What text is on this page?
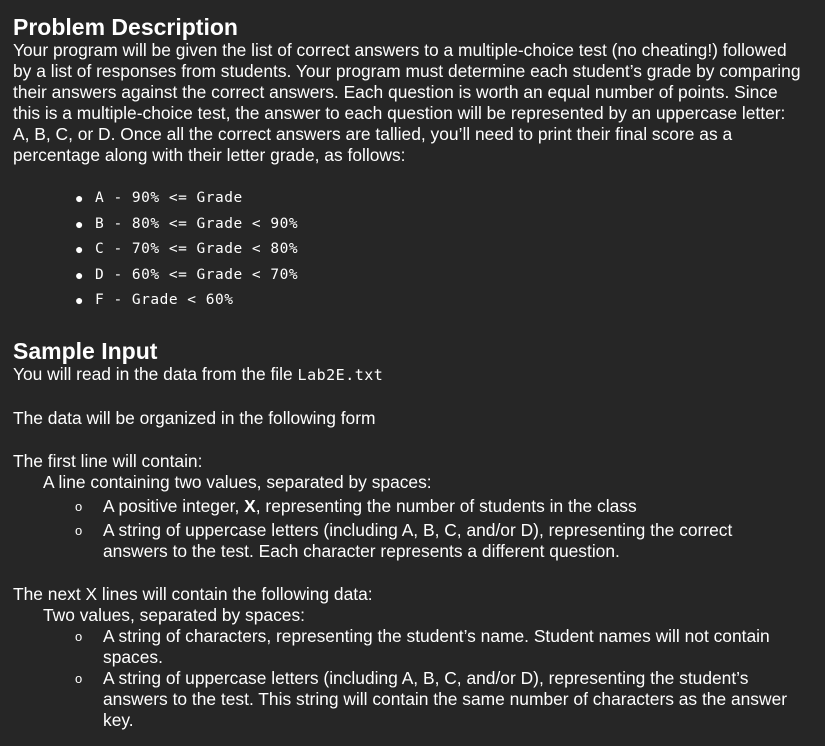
Problem Description

Your program will be given the list of correct answers to a multiple-choice test (no cheating!) followed by a list of responses from students. Your program must determine each student’s grade by comparing their answers against the correct answers. Each question is worth an equal number of points. Since this is a multiple-choice test, the answer to each question will be represented by an uppercase letter: A, B, C, or D. Once all the correct answers are tallied, you’ll need to print their final score as a percentage along with their letter grade, as follows:

● A - 90% <= Grade
● B - 80% <= Grade < 90%
● C - 70% <= Grade < 80%
● D - 60% <= Grade < 70%
● F - Grade < 60%
Sample Input

You will read in the data from the file Lab2E.txt

The data will be organized in the following form

The first line will contain:

A line containing two values, separated by spaces:

o	A positive integer, X, representing the number of students in the class
o	A string of uppercase letters (including A, B, C, and/or D), representing the correct answers to the test. Each character represents a different question.

The next X lines will contain the following data:

Two values, separated by spaces:

o	A string of characters, representing the student’s name. Student names will not contain spaces.
o	A string of uppercase letters (including A, B, C, and/or D), representing the student’s answers to the test. This string will contain the same number of characters as the answer key.
